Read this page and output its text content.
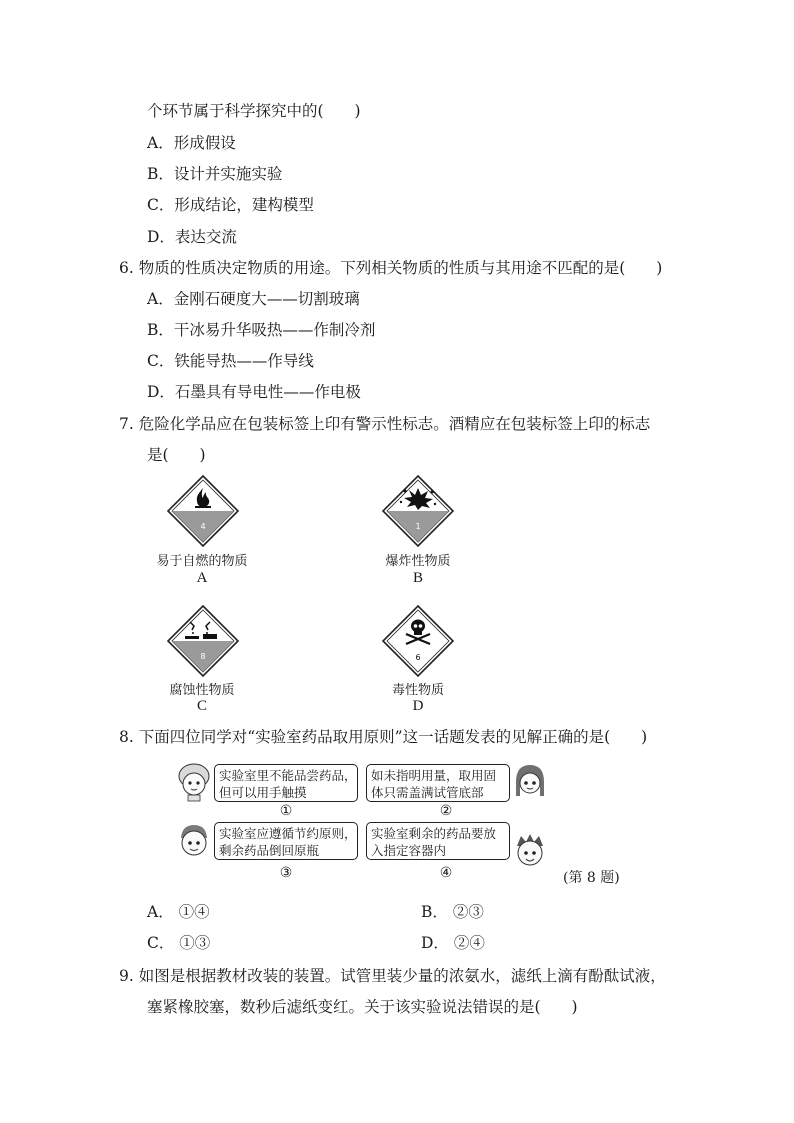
个环节属于科学探究中的(　　)
A．形成假设
B．设计并实施实验
C．形成结论，建构模型
D．表达交流
6. 物质的性质决定物质的用途。下列相关物质的性质与其用途不匹配的是(　　)
A．金刚石硬度大——切割玻璃
B．干冰易升华吸热——作制冷剂
C．铁能导热——作导线
D．石墨具有导电性——作电极
7. 危险化学品应在包装标签上印有警示性标志。酒精应在包装标签上印的标志
是(　　)
4
易于自燃的物质
A
1
爆炸性物质
B
8
腐蚀性物质
C
6
毒性物质
D
8. 下面四位同学对“实验室药品取用原则”这一话题发表的见解正确的是(　　)
实验室里不能品尝药品，
但可以用手触摸
①
如未指明用量，取用固
体只需盖满试管底部
②
实验室应遵循节约原则，
剩余药品倒回原瓶
③
实验室剩余的药品要放
入指定容器内
④	(第 8 题)
A． ①④	B． ②③
C． ①③	D． ②④
9. 如图是根据教材改装的装置。试管里装少量的浓氨水，滤纸上滴有酚酞试液，
塞紧橡胶塞，数秒后滤纸变红。关于该实验说法错误的是(　　)
